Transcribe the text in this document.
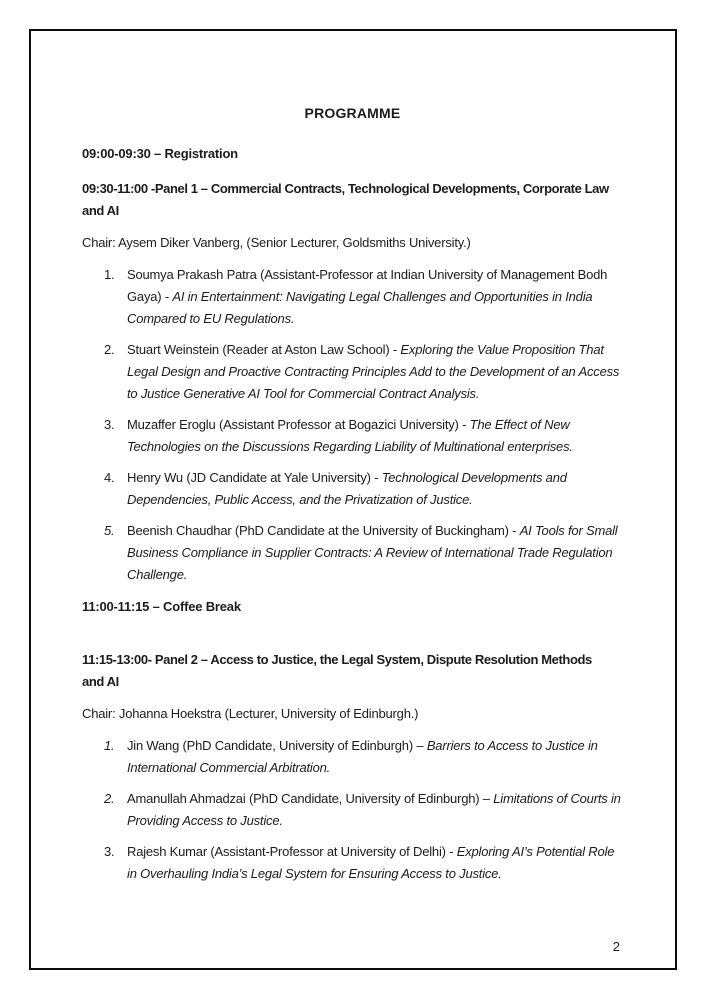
PROGRAMME
09:00-09:30 – Registration
09:30-11:00 -Panel 1 – Commercial Contracts, Technological Developments, Corporate Law
and AI
Chair: Aysem Diker Vanberg, (Senior Lecturer, Goldsmiths University.)
1. Soumya Prakash Patra (Assistant-Professor at Indian University of Management Bodh Gaya) - AI in Entertainment: Navigating Legal Challenges and Opportunities in India Compared to EU Regulations.
2. Stuart Weinstein (Reader at Aston Law School) - Exploring the Value Proposition That Legal Design and Proactive Contracting Principles Add to the Development of an Access to Justice Generative AI Tool for Commercial Contract Analysis.
3. Muzaffer Eroglu (Assistant Professor at Bogazici University) - The Effect of New Technologies on the Discussions Regarding Liability of Multinational enterprises.
4. Henry Wu (JD Candidate at Yale University) - Technological Developments and Dependencies, Public Access, and the Privatization of Justice.
5. Beenish Chaudhar (PhD Candidate at the University of Buckingham) - AI Tools for Small Business Compliance in Supplier Contracts: A Review of International Trade Regulation Challenge.
11:00-11:15 – Coffee Break
11:15-13:00- Panel 2 – Access to Justice, the Legal System, Dispute Resolution Methods
and AI
Chair: Johanna Hoekstra (Lecturer, University of Edinburgh.)
1. Jin Wang (PhD Candidate, University of Edinburgh) – Barriers to Access to Justice in International Commercial Arbitration.
2. Amanullah Ahmadzai (PhD Candidate, University of Edinburgh) – Limitations of Courts in Providing Access to Justice.
3. Rajesh Kumar (Assistant-Professor at University of Delhi) - Exploring AI’s Potential Role in Overhauling India’s Legal System for Ensuring Access to Justice.
2
